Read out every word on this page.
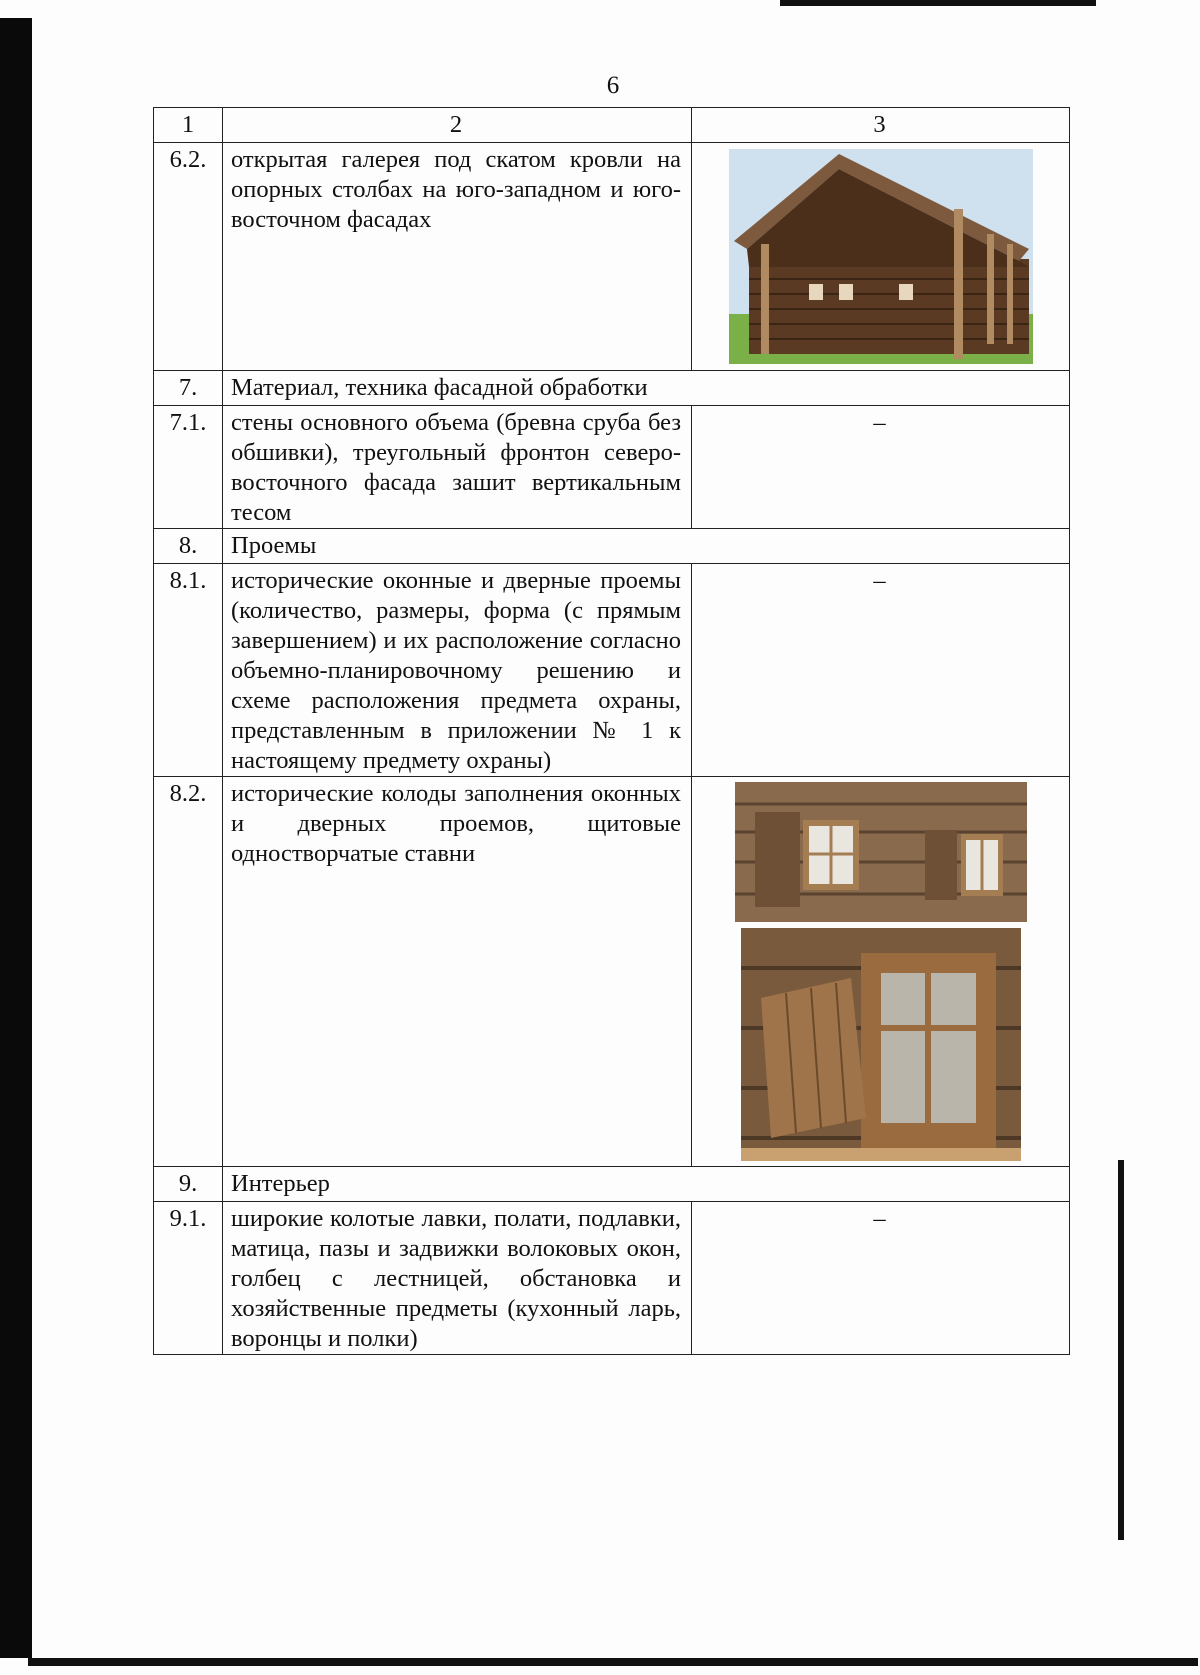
6
1	2	3
6.2.	открытая галерея под скатом кровли на опорных столбах на юго-западном и юго-восточном фасадах	

7.	Материал, техника фасадной обработки	
7.1.	стены основного объема (бревна сруба без обшивки), треугольный фронтон северо-восточного фасада зашит вертикальным тесом	–
8.	Проемы	
8.1.	исторические оконные и дверные проемы (количество, размеры, форма (с прямым завершением) и их расположение согласно объемно-планировочному решению и схеме расположения предмета охраны, представленным в приложении № 1 к настоящему предмету охраны)	–
8.2.	исторические колоды заполнения оконных и дверных проемов, щитовые одностворчатые ставни	

9.	Интерьер	
9.1.	широкие колотые лавки, полати, подлавки, матица, пазы и задвижки волоковых окон, голбец с лестницей, обстановка и хозяйственные предметы (кухонный ларь, воронцы и полки)	–
